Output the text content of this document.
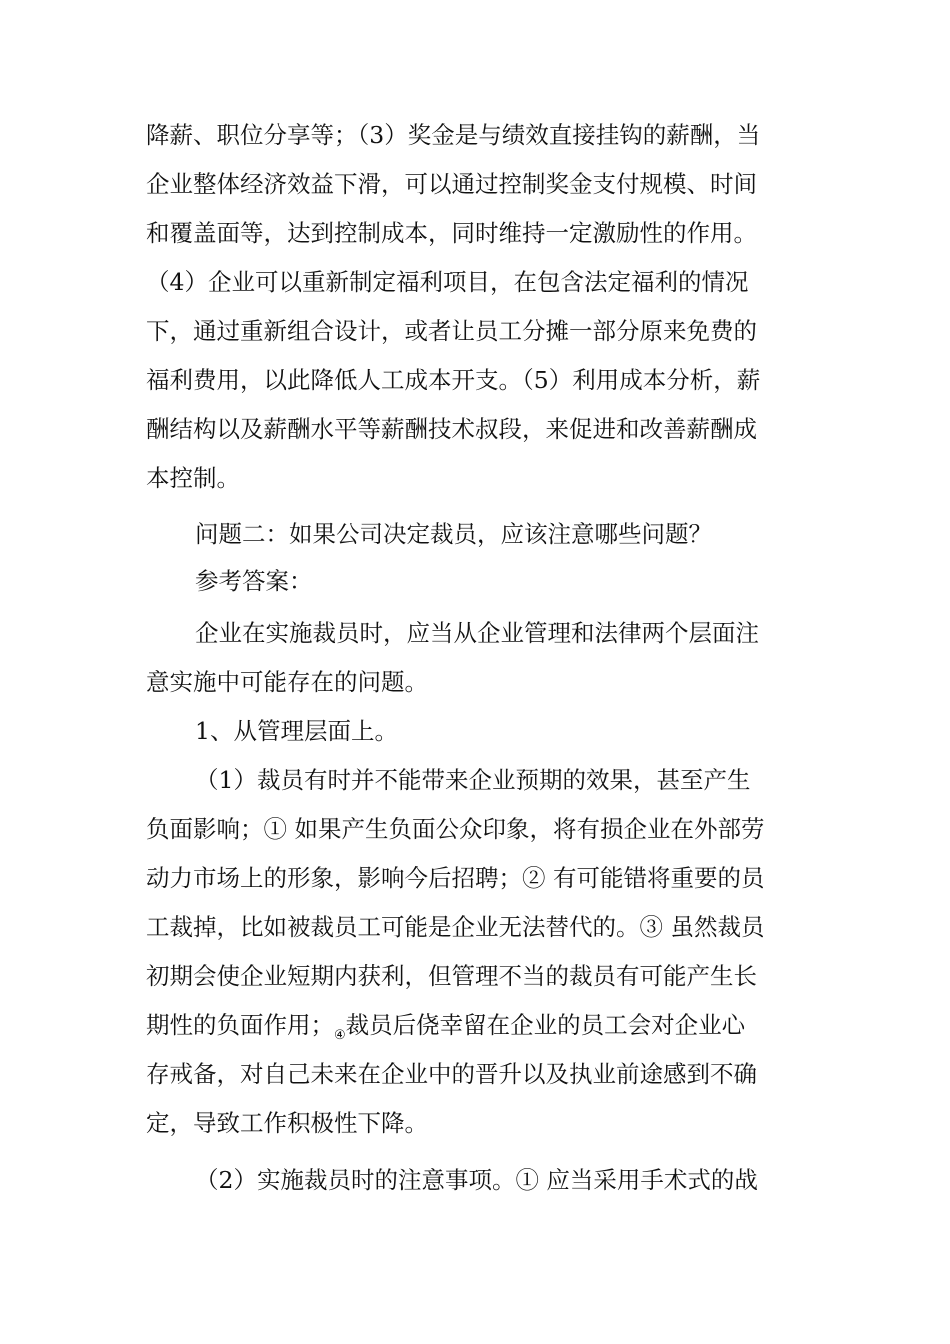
降薪、职位分享等；（3）奖金是与绩效直接挂钩的薪酬，当
企业整体经济效益下滑，可以通过控制奖金支付规模、时间
和覆盖面等，达到控制成本，同时维持一定激励性的作用。
（4）企业可以重新制定福利项目，在包含法定福利的情况
下，通过重新组合设计，或者让员工分摊一部分原来免费的
福利费用，以此降低人工成本开支。（5）利用成本分析，薪
酬结构以及薪酬水平等薪酬技术叔段，来促进和改善薪酬成
本控制。
问题二：如果公司决定裁员，应该注意哪些问题？
参考答案：
企业在实施裁员时，应当从企业管理和法律两个层面注
意实施中可能存在的问题。
1、从管理层面上。
（1）裁员有时并不能带来企业预期的效果，甚至产生
负面影响；① 如果产生负面公众印象，将有损企业在外部劳
动力市场上的形象，影响今后招聘；② 有可能错将重要的员
工裁掉，比如被裁员工可能是企业无法替代的。③ 虽然裁员
初期会使企业短期内获利，但管理不当的裁员有可能产生长
期性的负面作用；$_④$裁员后侥幸留在企业的员工会对企业心
存戒备，对自己未来在企业中的晋升以及执业前途感到不确
定，导致工作积极性下降。
（2）实施裁员时的注意事项。① 应当采用手术式的战
